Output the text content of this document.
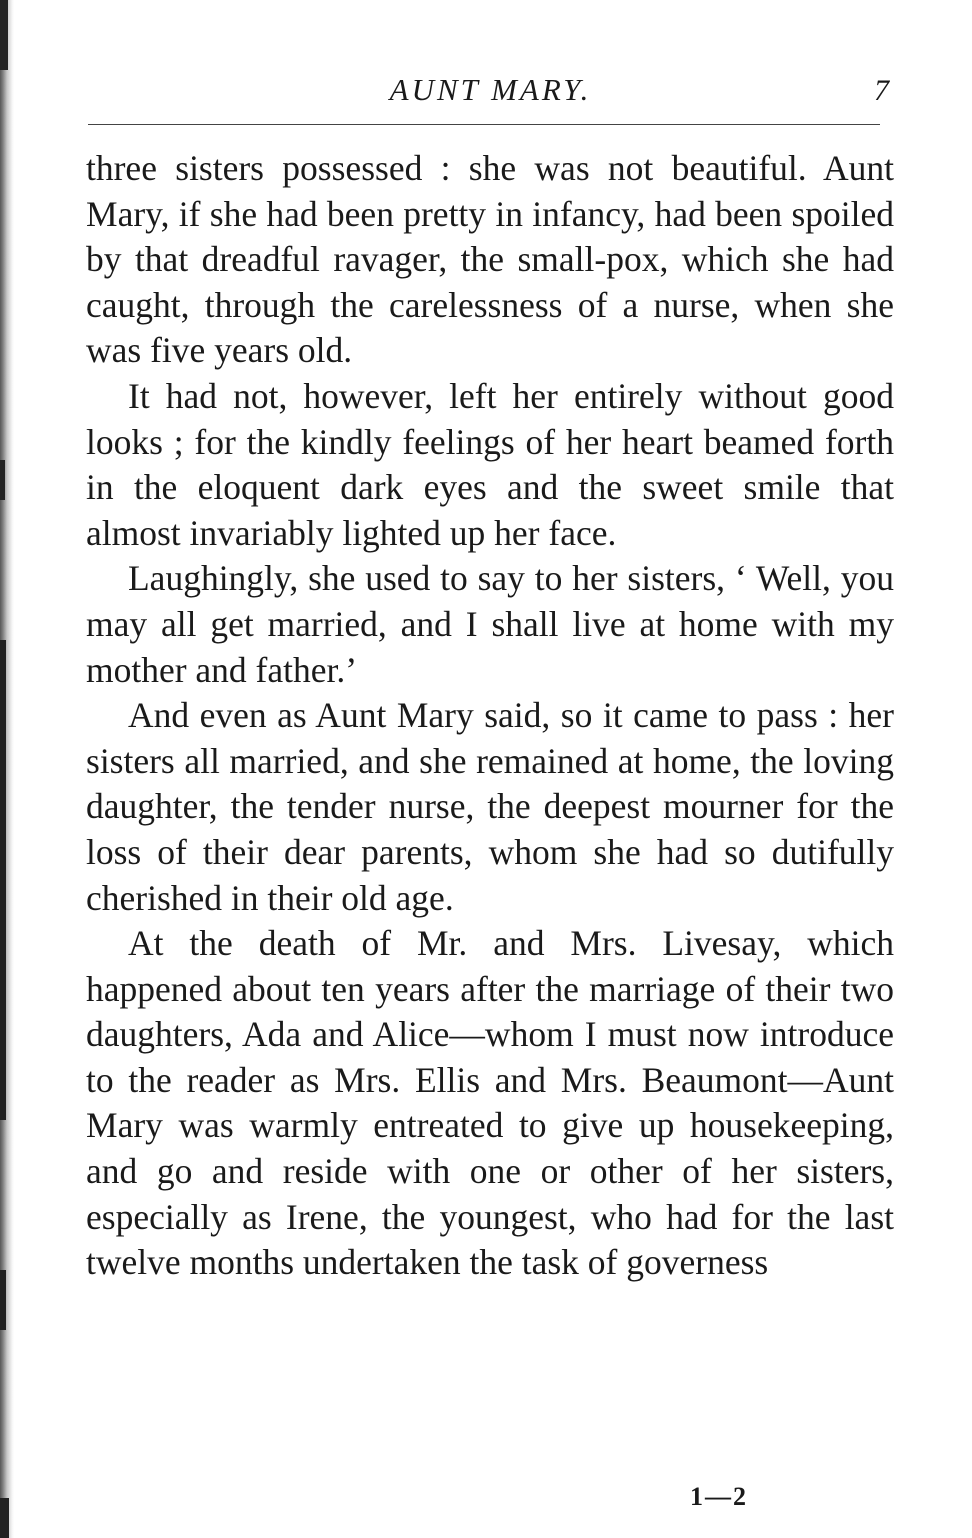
AUNT MARY.	7

three sisters possessed : she was not beautiful. Aunt Mary, if she had been pretty in infancy, had been spoiled by that dreadful ravager, the small-pox, which she had caught, through the carelessness of a nurse, when she was five years old.

It had not, however, left her entirely without good looks ; for the kindly feelings of her heart beamed forth in the eloquent dark eyes and the sweet smile that almost invariably lighted up her face.

Laughingly, she used to say to her sisters, ‘ Well, you may all get married, and I shall live at home with my mother and father.’

And even as Aunt Mary said, so it came to pass : her sisters all married, and she remained at home, the loving daughter, the tender nurse, the deepest mourner for the loss of their dear parents, whom she had so dutifully cherished in their old age.

At the death of Mr. and Mrs. Livesay, which happened about ten years after the marriage of their two daughters, Ada and Alice—whom I must now introduce to the reader as Mrs. Ellis and Mrs. Beaumont—Aunt Mary was warmly entreated to give up housekeeping, and go and reside with one or other of her sisters, especially as Irene, the youngest, who had for the last twelve months undertaken the task of governess

1—2
